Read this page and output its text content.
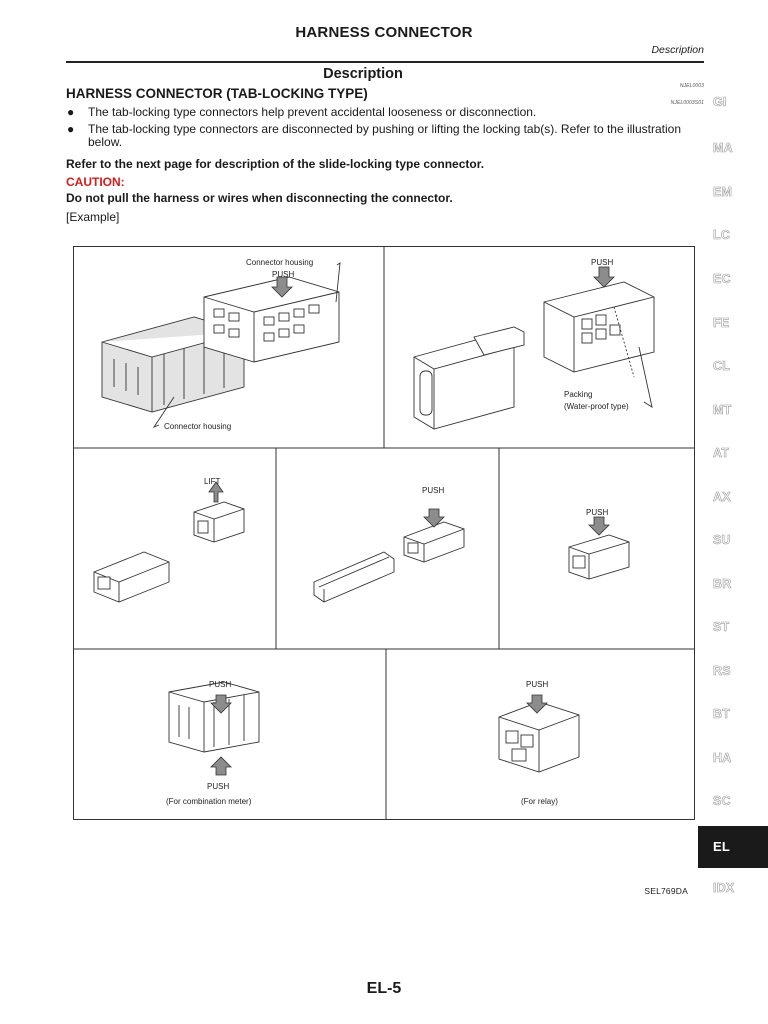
HARNESS CONNECTOR
Description
Description
NJEL0003
HARNESS CONNECTOR (TAB-LOCKING TYPE)
NJEL0003S01
● The tab-locking type connectors help prevent accidental looseness or disconnection.
● The tab-locking type connectors are disconnected by pushing or lifting the locking tab(s). Refer to the illustration below.
Refer to the next page for description of the slide-locking type connector.
CAUTION:
Do not pull the harness or wires when disconnecting the connector.
[Example]
Connector housing
PUSH
Connector housing
PUSH
Packing
(Water-proof type)
LIFT
PUSH
PUSH
PUSH
PUSH
(For combination meter)
PUSH
(For relay)
SEL769DA
EL-5
GI
MA
EM
LC
EC
FE
CL
MT
AT
AX
SU
BR
ST
RS
BT
HA
SC
EL
IDX
